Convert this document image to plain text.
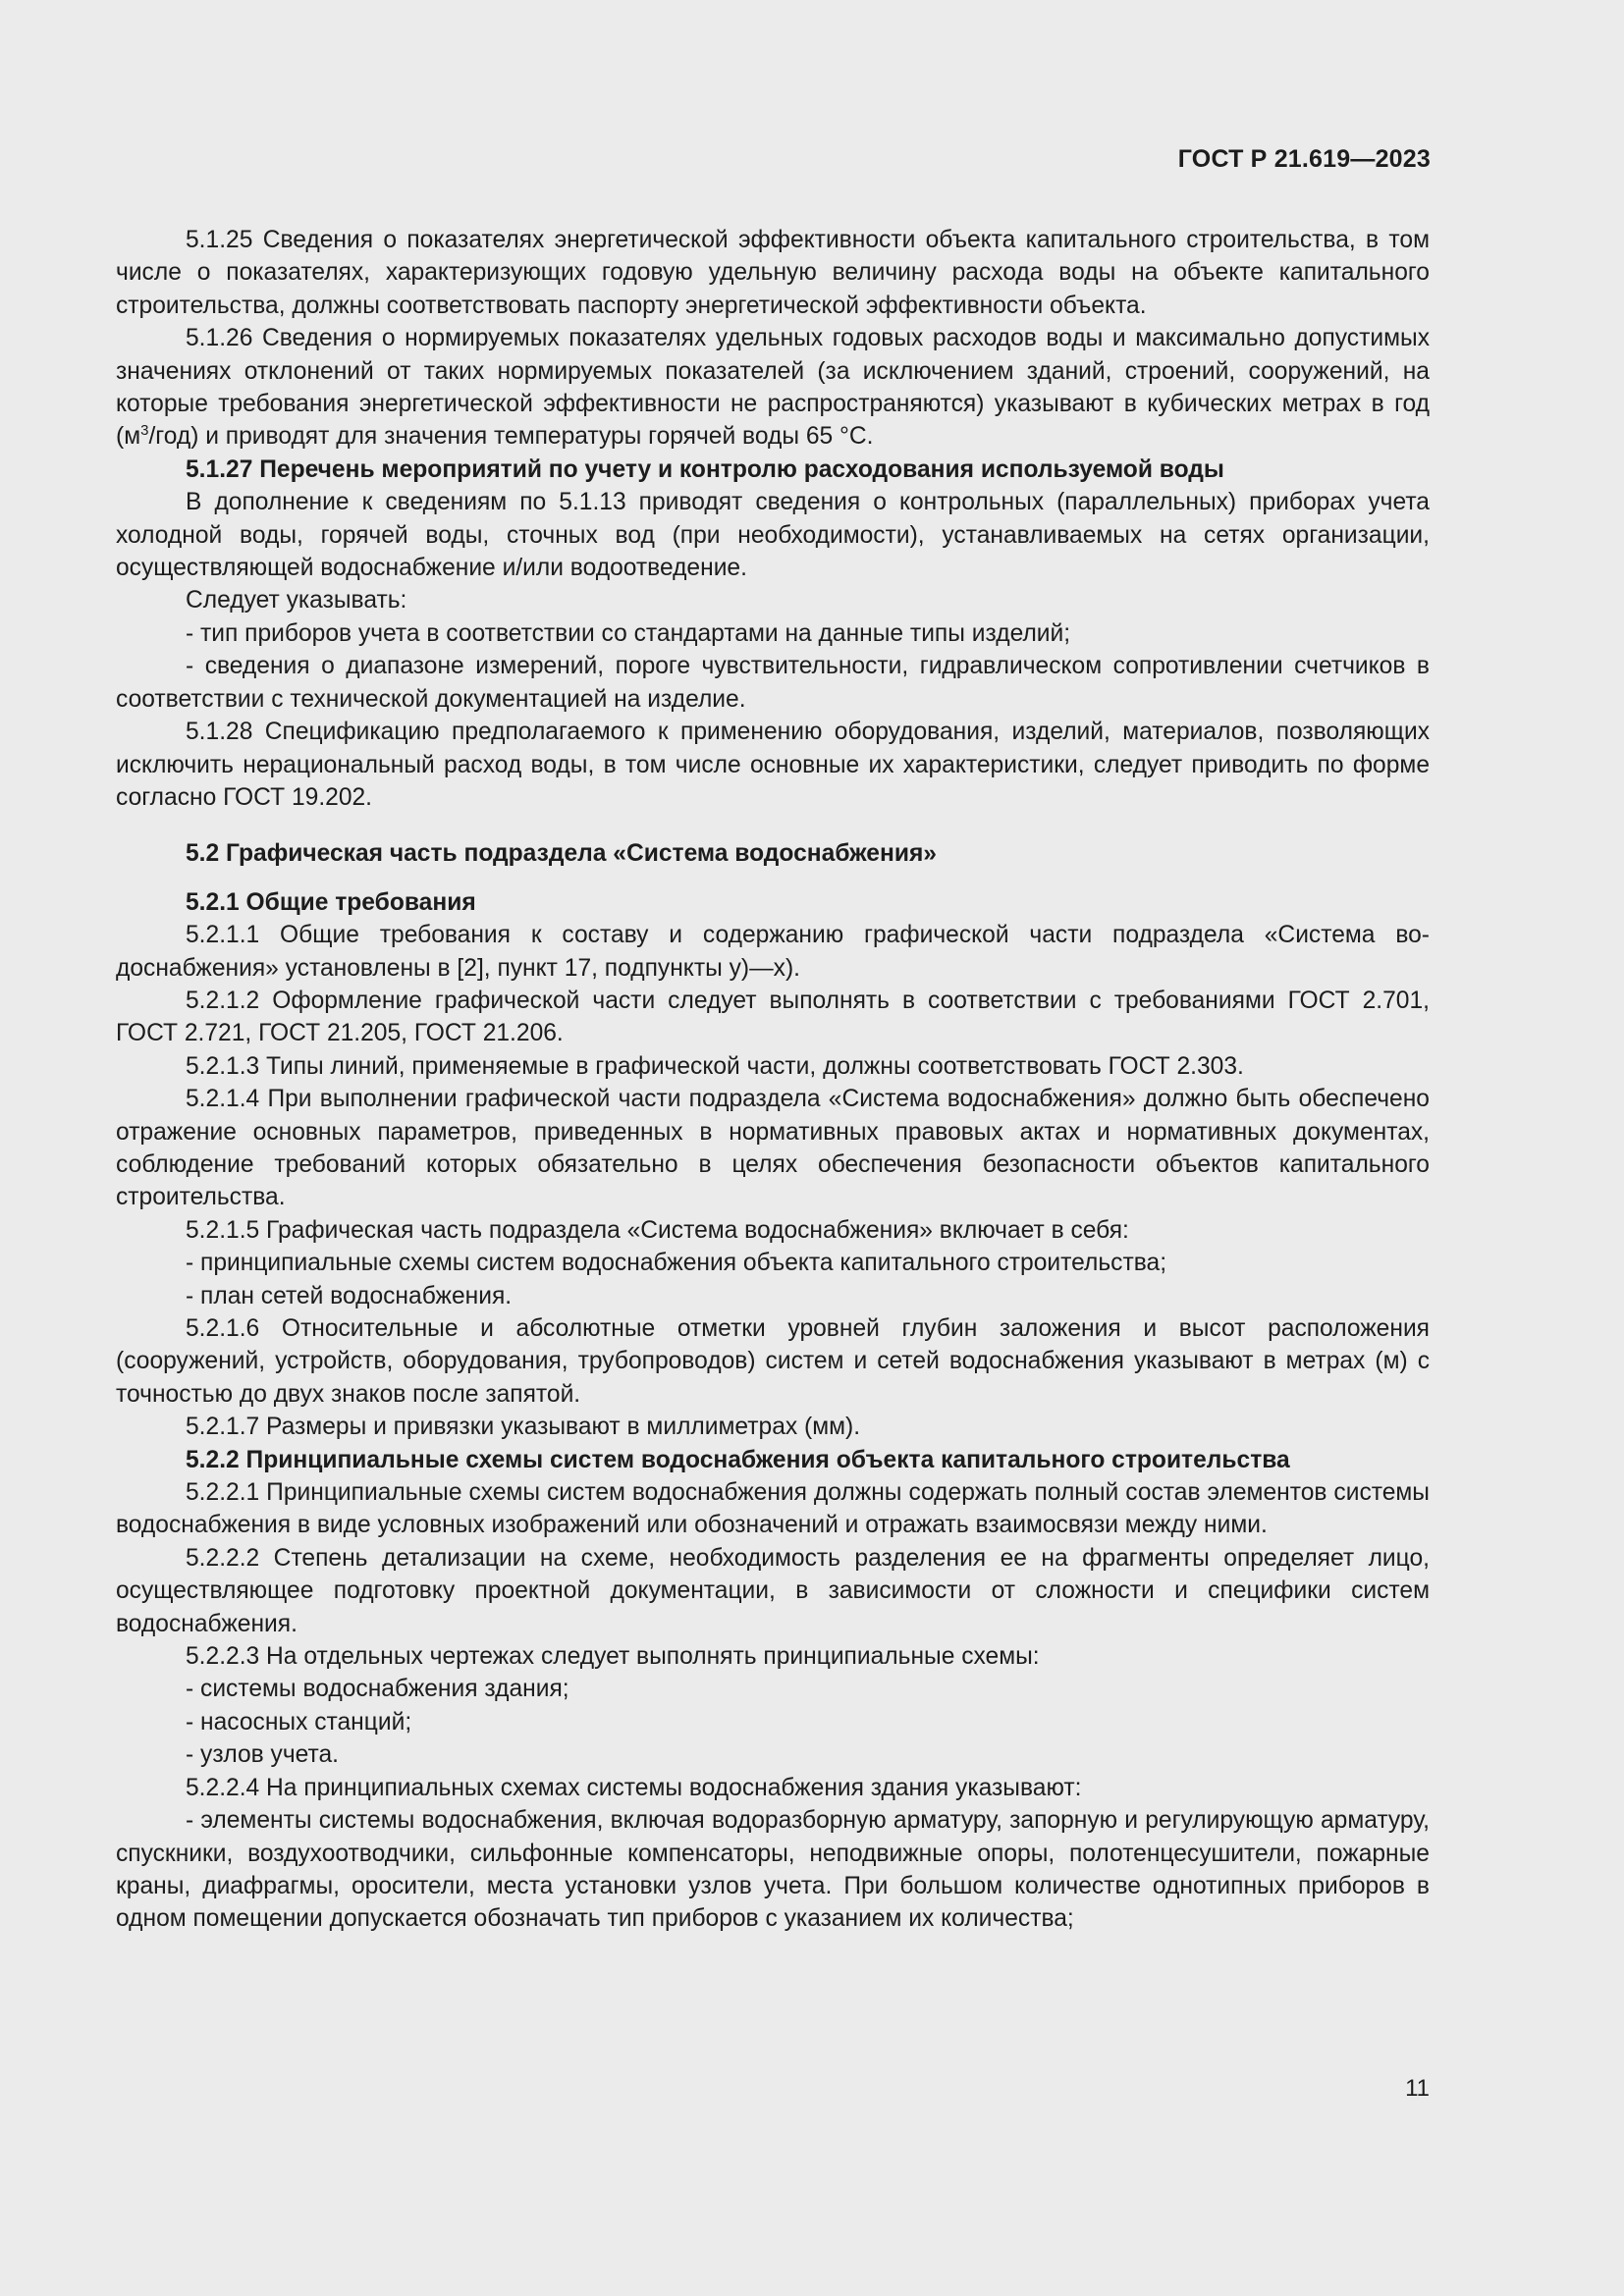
ГОСТ Р 21.619—2023

5.1.25 Сведения о показателях энергетической эффективности объекта капитального строительства, в том числе о показателях, характеризующих годовую удельную величину расхода воды на объекте капитального строительства, должны соответствовать паспорту энергетической эффективности объекта.

5.1.26 Сведения о нормируемых показателях удельных годовых расходов воды и максимально допустимых значениях отклонений от таких нормируемых показателей (за исключением зданий, строений, сооружений, на которые требования энергетической эффективности не распространяются) указывают в кубических метрах в год $(м^3/год)$ и приводят для значения температуры горячей воды 65 °С.

5.1.27 Перечень мероприятий по учету и контролю расходования используемой воды

В дополнение к сведениям по 5.1.13 приводят сведения о контрольных (параллельных) приборах учета холодной воды, горячей воды, сточных вод (при необходимости), устанавливаемых на сетях организации, осуществляющей водоснабжение и/или водоотведение.

Следует указывать:

- тип приборов учета в соответствии со стандартами на данные типы изделий;

- сведения о диапазоне измерений, пороге чувствительности, гидравлическом сопротивлении счетчиков в соответствии с технической документацией на изделие.

5.1.28 Спецификацию предполагаемого к применению оборудования, изделий, материалов, позволяющих исключить нерациональный расход воды, в том числе основные их характеристики, следует приводить по форме согласно ГОСТ 19.202.

5.2 Графическая часть подраздела «Система водоснабжения»

5.2.1 Общие требования

5.2.1.1 Общие требования к составу и содержанию графической части подраздела «Система водоснабжения» установлены в [2], пункт 17, подпункты у)—х).

5.2.1.2 Оформление графической части следует выполнять в соответствии с требованиями ГОСТ 2.701, ГОСТ 2.721, ГОСТ 21.205, ГОСТ 21.206.

5.2.1.3 Типы линий, применяемые в графической части, должны соответствовать ГОСТ 2.303.

5.2.1.4 При выполнении графической части подраздела «Система водоснабжения» должно быть обеспечено отражение основных параметров, приведенных в нормативных правовых актах и нормативных документах, соблюдение требований которых обязательно в целях обеспечения безопасности объектов капитального строительства.

5.2.1.5 Графическая часть подраздела «Система водоснабжения» включает в себя:

- принципиальные схемы систем водоснабжения объекта капитального строительства;

- план сетей водоснабжения.

5.2.1.6 Относительные и абсолютные отметки уровней глубин заложения и высот расположения (сооружений, устройств, оборудования, трубопроводов) систем и сетей водоснабжения указывают в метрах (м) с точностью до двух знаков после запятой.

5.2.1.7 Размеры и привязки указывают в миллиметрах (мм).

5.2.2 Принципиальные схемы систем водоснабжения объекта капитального строительства

5.2.2.1 Принципиальные схемы систем водоснабжения должны содержать полный состав элементов системы водоснабжения в виде условных изображений или обозначений и отражать взаимосвязи между ними.

5.2.2.2 Степень детализации на схеме, необходимость разделения ее на фрагменты определяет лицо, осуществляющее подготовку проектной документации, в зависимости от сложности и специфики систем водоснабжения.

5.2.2.3 На отдельных чертежах следует выполнять принципиальные схемы:

- системы водоснабжения здания;

- насосных станций;

- узлов учета.

5.2.2.4 На принципиальных схемах системы водоснабжения здания указывают:

- элементы системы водоснабжения, включая водоразборную арматуру, запорную и регулирующую арматуру, спускники, воздухоотводчики, сильфонные компенсаторы, неподвижные опоры, полотенцесушители, пожарные краны, диафрагмы, оросители, места установки узлов учета. При большом количестве однотипных приборов в одном помещении допускается обозначать тип приборов с указанием их количества;

11
